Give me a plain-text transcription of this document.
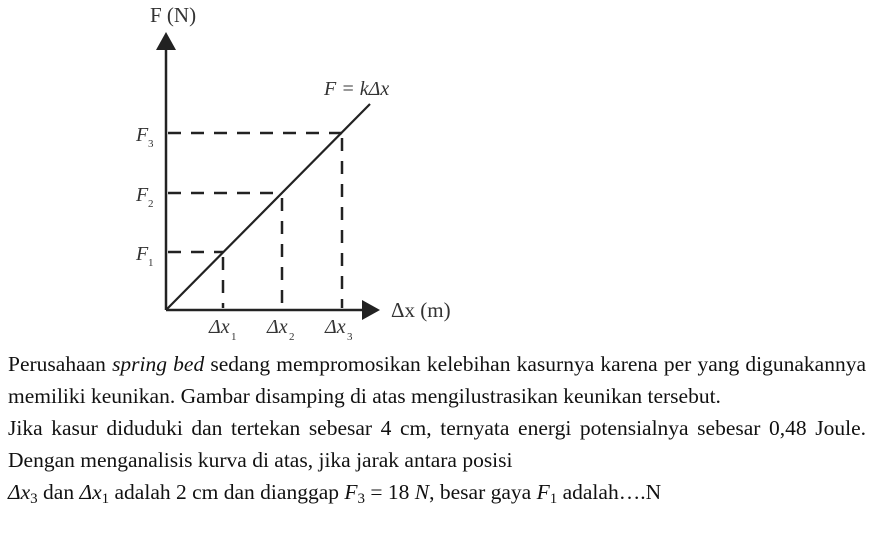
F (N)
Δx (m)
F = kΔx
F 3
F 2
F 1
Δx 1 Δx 2 Δx 3

Perusahaan spring bed sedang mempromosikan kelebihan kasurnya karena per yang digunakannya memiliki keunikan. Gambar disamping di atas mengilustrasikan keunikan tersebut.

Jika kasur diduduki dan tertekan sebesar 4 cm, ternyata energi potensialnya sebesar 0,48 Joule. Dengan menganalisis kurva di atas, jika jarak antara posisi
$\Delta x_3$ dan $\Delta x_1$ adalah 2 cm dan dianggap $F_3 = 18$ N, besar gaya $F_1$ adalah….N
